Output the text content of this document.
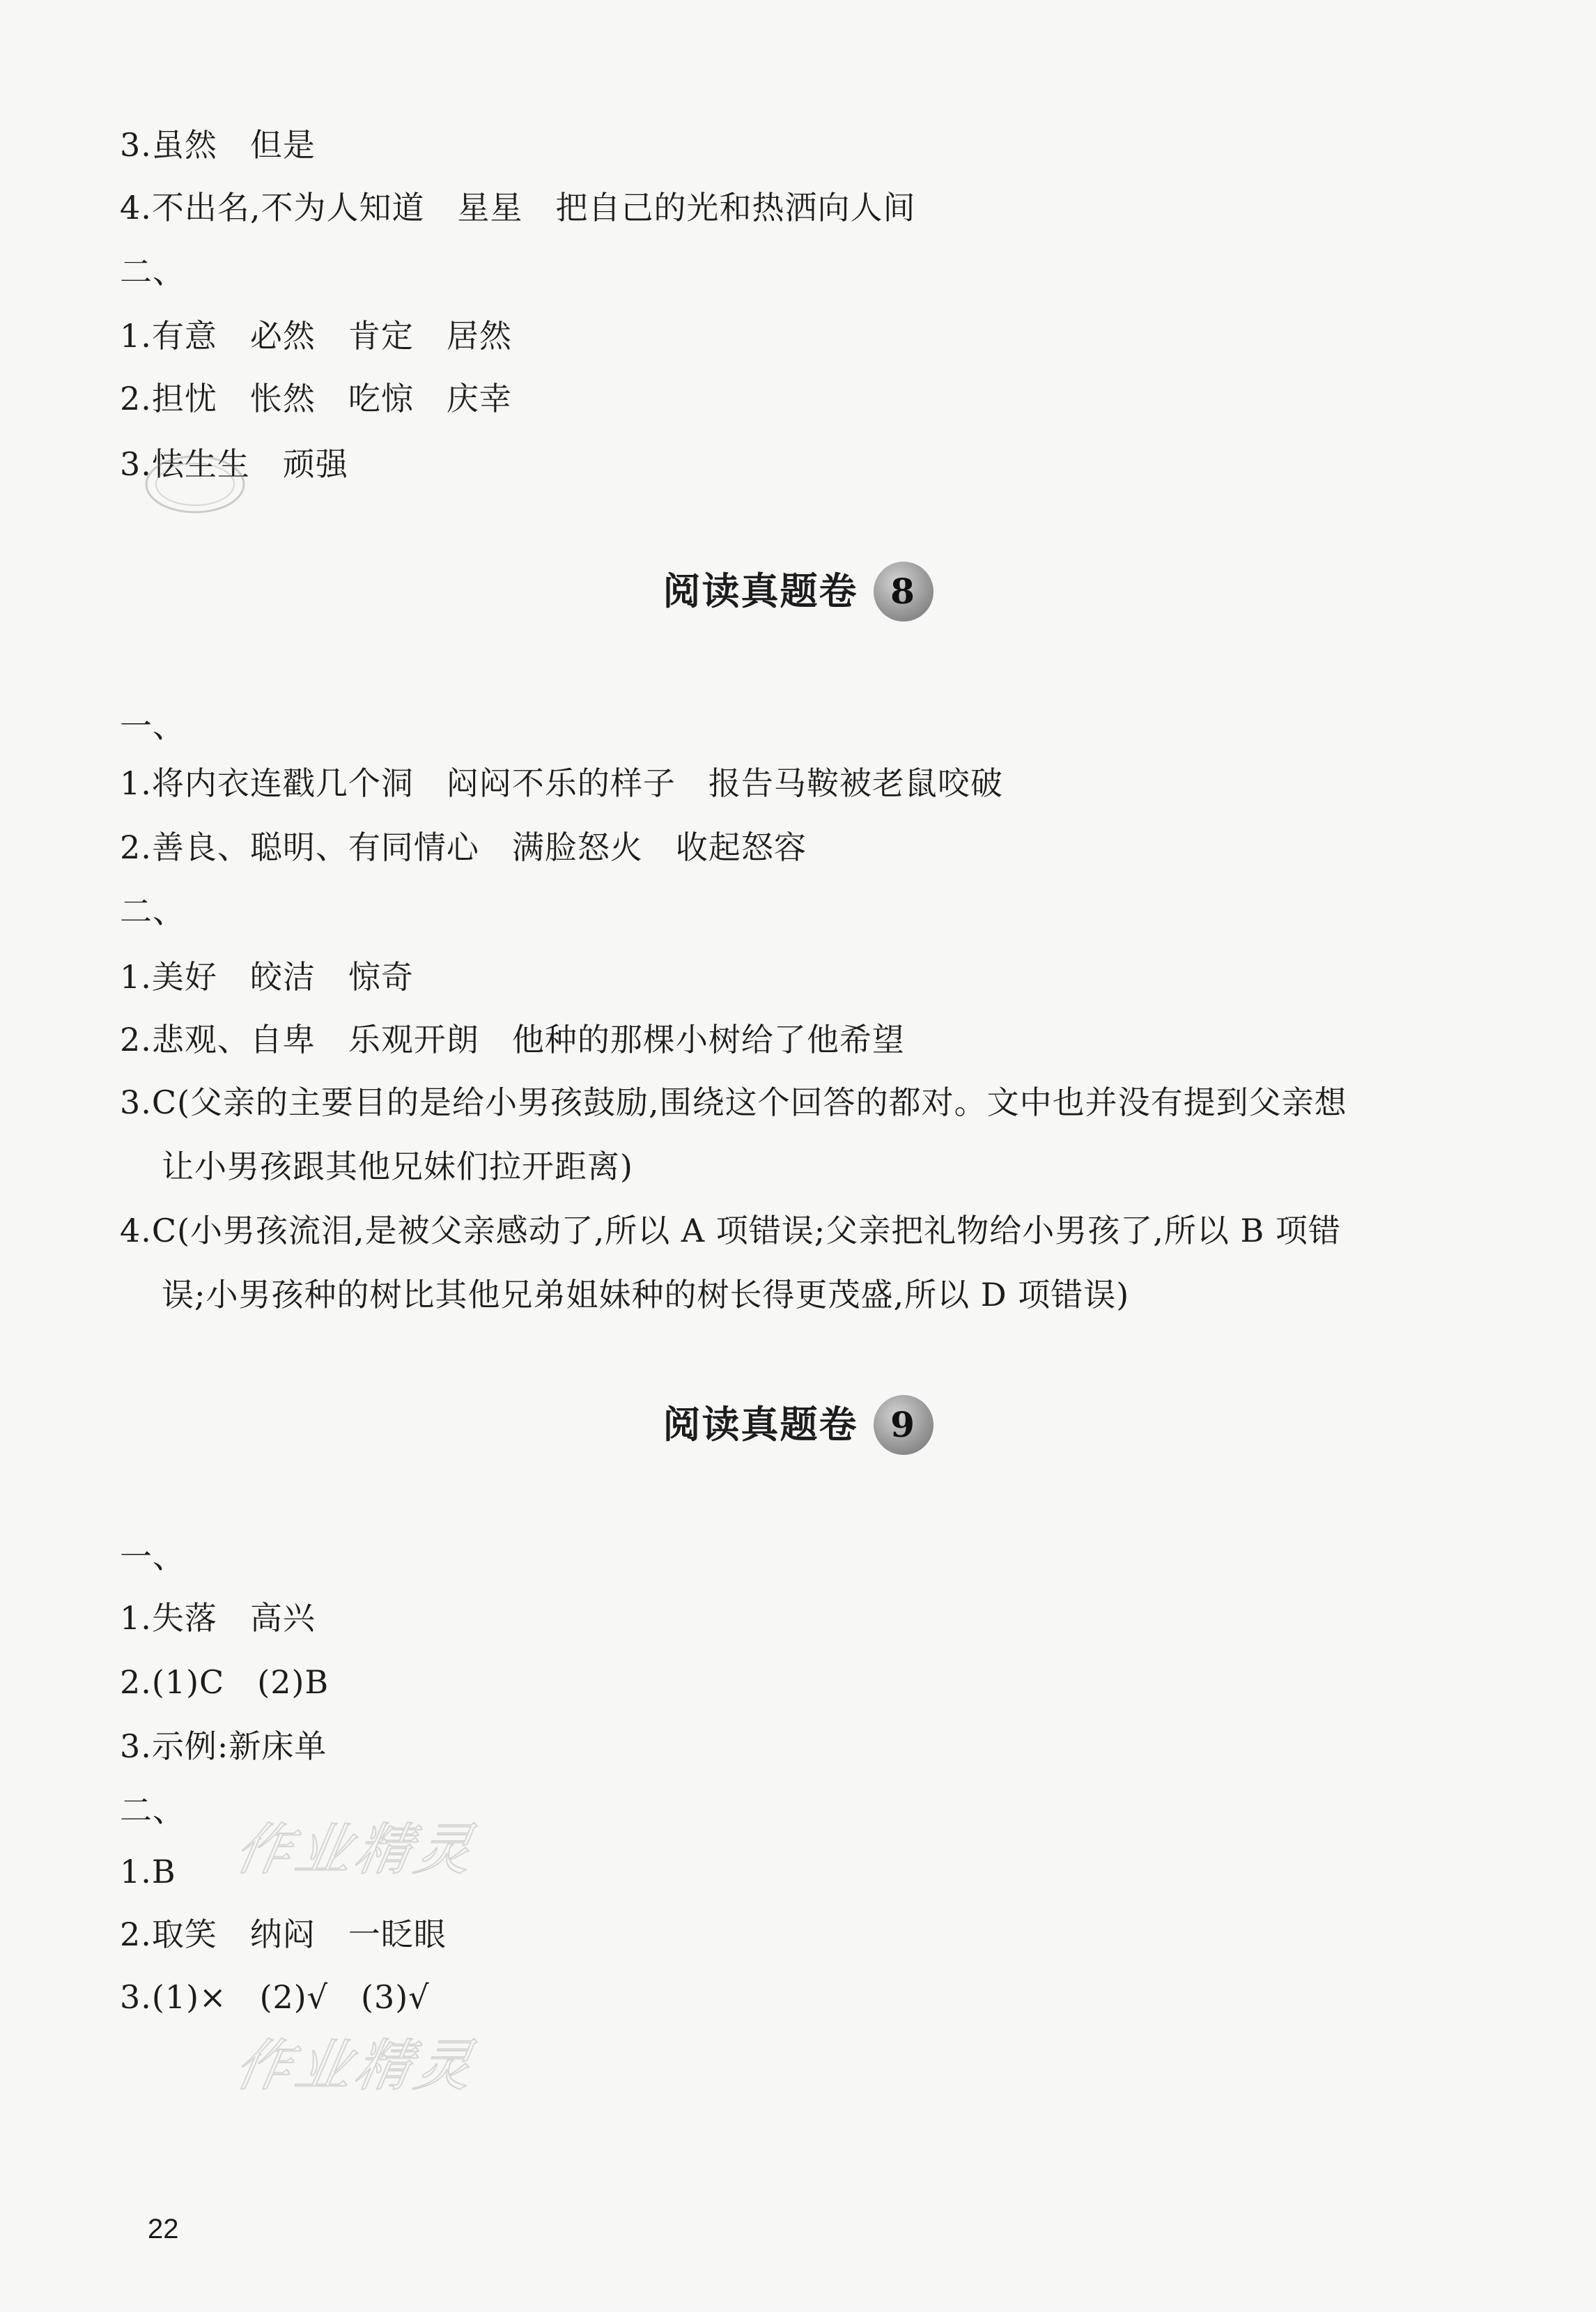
3.虽然　但是
4.不出名,不为人知道　星星　把自己的光和热洒向人间
二、
1.有意　必然　肯定　居然
2.担忧　怅然　吃惊　庆幸
3.怯生生　顽强
阅读真题卷 8
一、
1.将内衣连戳几个洞　闷闷不乐的样子　报告马鞍被老鼠咬破
2.善良、聪明、有同情心　满脸怒火　收起怒容
二、
1.美好　皎洁　惊奇
2.悲观、自卑　乐观开朗　他种的那棵小树给了他希望
3.C(父亲的主要目的是给小男孩鼓励,围绕这个回答的都对。文中也并没有提到父亲想
让小男孩跟其他兄妹们拉开距离)
4.C(小男孩流泪,是被父亲感动了,所以 A 项错误;父亲把礼物给小男孩了,所以 B 项错
误;小男孩种的树比其他兄弟姐妹种的树长得更茂盛,所以 D 项错误)
阅读真题卷 9
一、
1.失落　高兴
2.(1)C　(2)B
3.示例:新床单
二、
1.B
2.取笑　纳闷　一眨眼
3.(1)×　(2)√　(3)√
作业精灵
作业精灵
22
